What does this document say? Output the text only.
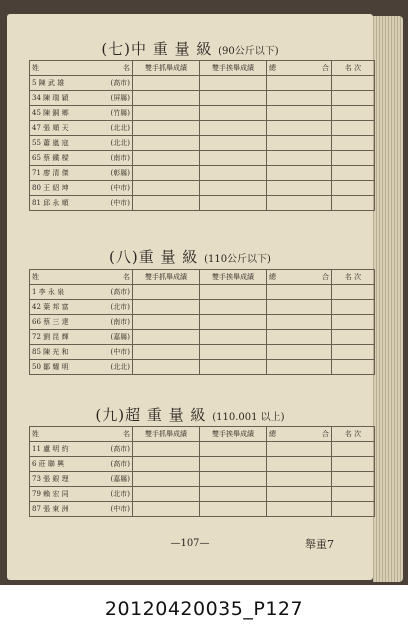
(七)中 重 量 級 (90公斤以下)
姓 名	雙手抓舉成績	雙手挨舉成績	總 合	名 次

5 陳 武 雄 (高市)				

34 陳 瑞 穎 (屏縣)				

45 陳 銅 鄉 (竹縣)				

47 張 順 天 (北北)				

55 蕭 嵐 寇 (北北)				

65 蔡 鐵 樑 (南市)				

71 廖 清 傑 (彰縣)				

80 王 紹 坤 (中市)				

81 邱 永 順 (中市)				

(八)重 量 級 (110公斤以下)
姓 名	雙手抓舉成績	雙手挨舉成績	總 合	名 次

1 李 永 泉 (高市)				

42 葉 邦 富 (北市)				

66 蔡 三 達 (南市)				

72 劉 昆 輝 (嘉縣)				

85 陳 光 和 (中市)				

50 鄒 耀 明 (北北)				

(九)超 重 量 級 (110.001 以上)
姓 名	雙手抓舉成績	雙手挨舉成績	總 合	名 次

11 盧 明 約 (高市)				

6 莊 聯 興 (高市)				

73 張 銀 理 (嘉縣)				

79 賴 宏 同 (北市)				

87 張 東 洲 (中市)				

—107—	舉重7
20120420035_P127
